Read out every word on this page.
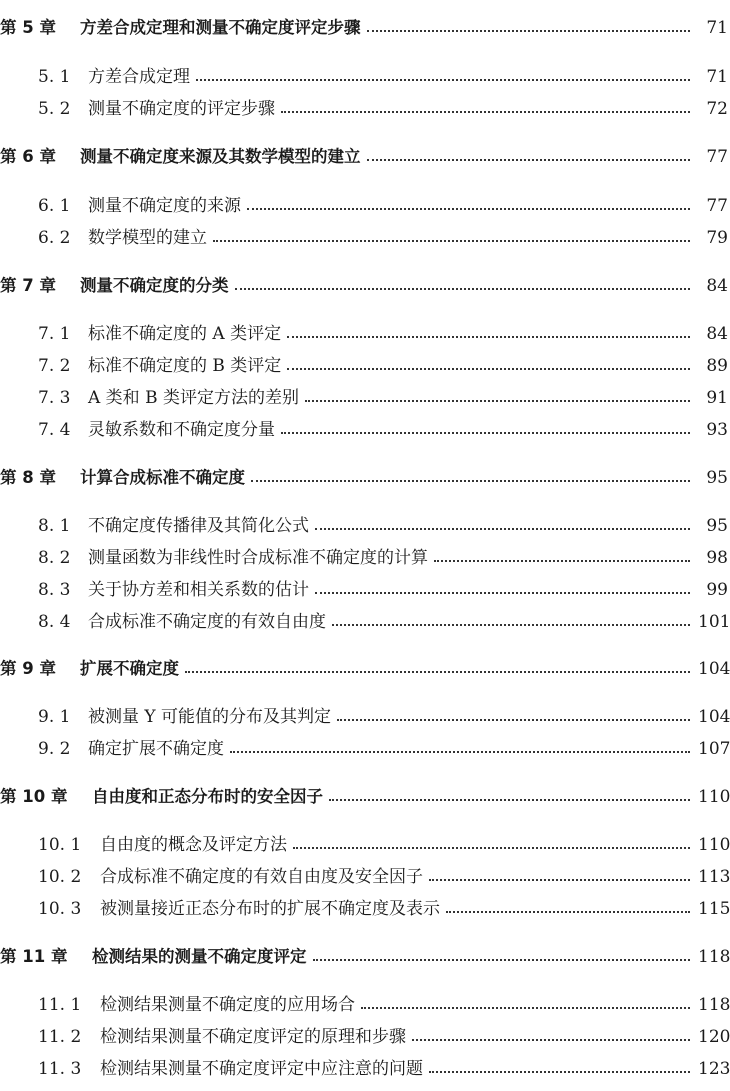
第 5 章	方差合成定理和测量不确定度评定步骤	71
5. 1	方差合成定理	71
5. 2	测量不确定度的评定步骤	72
第 6 章	测量不确定度来源及其数学模型的建立	77
6. 1	测量不确定度的来源	77
6. 2	数学模型的建立	79
第 7 章	测量不确定度的分类	84
7. 1	标准不确定度的 A 类评定	84
7. 2	标准不确定度的 B 类评定	89
7. 3	A 类和 B 类评定方法的差别	91
7. 4	灵敏系数和不确定度分量	93
第 8 章	计算合成标准不确定度	95
8. 1	不确定度传播律及其简化公式	95
8. 2	测量函数为非线性时合成标准不确定度的计算	98
8. 3	关于协方差和相关系数的估计	99
8. 4	合成标准不确定度的有效自由度	101
第 9 章	扩展不确定度	104
9. 1	被测量 Y 可能值的分布及其判定	104
9. 2	确定扩展不确定度	107
第 10 章	自由度和正态分布时的安全因子	110
10. 1	自由度的概念及评定方法	110
10. 2	合成标准不确定度的有效自由度及安全因子	113
10. 3	被测量接近正态分布时的扩展不确定度及表示	115
第 11 章	检测结果的测量不确定度评定	118
11. 1	检测结果测量不确定度的应用场合	118
11. 2	检测结果测量不确定度评定的原理和步骤	120
11. 3	检测结果测量不确定度评定中应注意的问题	123
